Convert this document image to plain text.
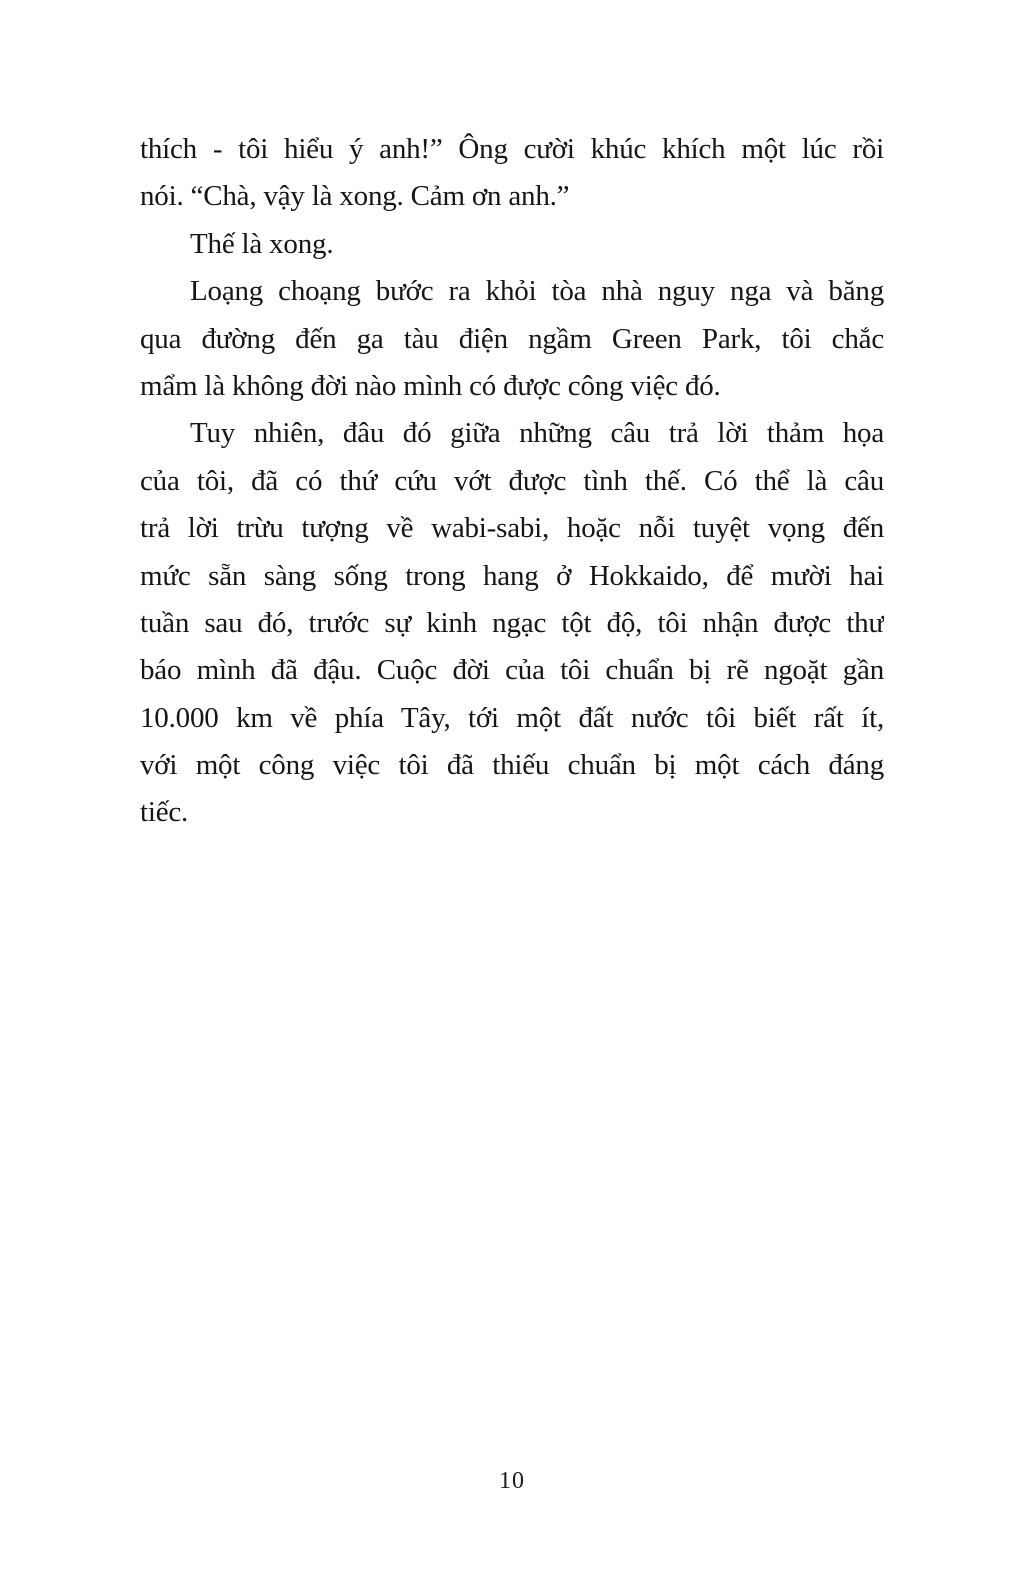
thích - tôi hiểu ý anh!” Ông cười khúc khích một lúc rồi
nói. “Chà, vậy là xong. Cảm ơn anh.”
Thế là xong.
Loạng choạng bước ra khỏi tòa nhà nguy nga và băng
qua đường đến ga tàu điện ngầm Green Park, tôi chắc
mẩm là không đời nào mình có được công việc đó.
Tuy nhiên, đâu đó giữa những câu trả lời thảm họa
của tôi, đã có thứ cứu vớt được tình thế. Có thể là câu
trả lời trừu tượng về wabi-sabi, hoặc nỗi tuyệt vọng đến
mức sẵn sàng sống trong hang ở Hokkaido, để mười hai
tuần sau đó, trước sự kinh ngạc tột độ, tôi nhận được thư
báo mình đã đậu. Cuộc đời của tôi chuẩn bị rẽ ngoặt gần
10.000 km về phía Tây, tới một đất nước tôi biết rất ít,
với một công việc tôi đã thiếu chuẩn bị một cách đáng
tiếc.
10
